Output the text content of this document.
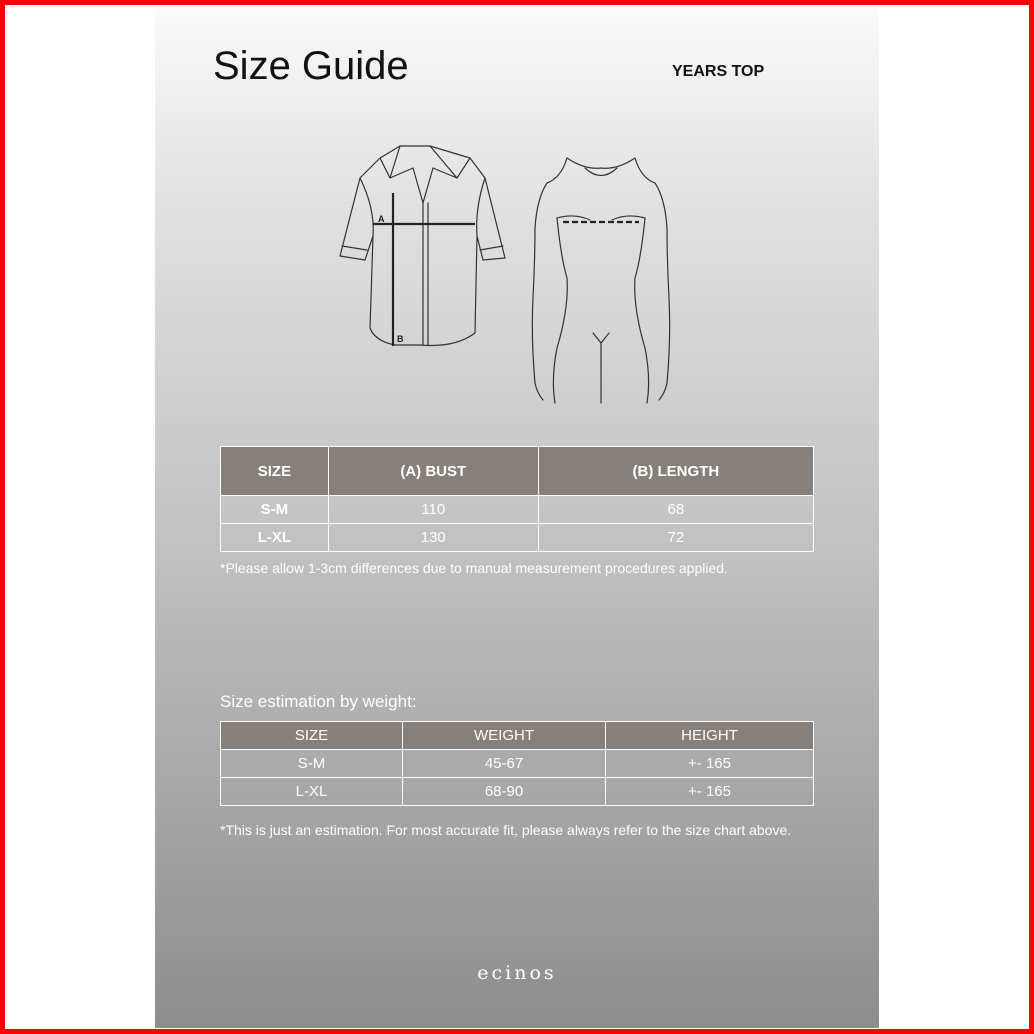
Size Guide	YEARS TOP
A
B
SIZE	(A) BUST	(B) LENGTH
S-M	110	68
L-XL	130	72
*Please allow 1-3cm differences due to manual measurement procedures applied.
Size estimation by weight:
SIZE	WEIGHT	HEIGHT
S-M	45-67	+- 165
L-XL	68-90	+- 165
*This is just an estimation. For most accurate fit, please always refer to the size chart above.
ecinos
